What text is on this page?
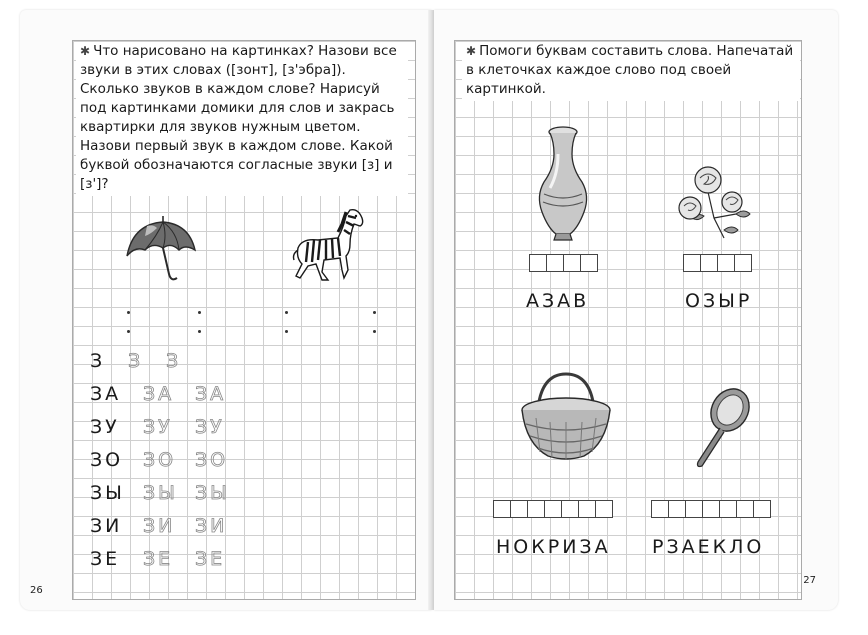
✱ Что нарисовано на картинках? Назови все звуки в этих словах ([зонт], [з'эбра]). Сколько звуков в каждом слове? Нарисуй под картинками домики для слов и закрась квартирки для звуков нужным цветом. Назови первый звук в каждом слове. Какой буквой обозначаются согласные звуки [з] и [з']?
З З З
ЗА ЗА ЗА
ЗУ ЗУ ЗУ
ЗО ЗО ЗО
ЗЫ ЗЫ ЗЫ
ЗИ ЗИ ЗИ
ЗЕ ЗЕ ЗЕ
26
✱ Помоги буквам составить слова. Напечатай в клеточках каждое слово под своей картинкой.
АЗАВ	ОЗЫР
НОКРИЗА РЗАЕКЛО
27
